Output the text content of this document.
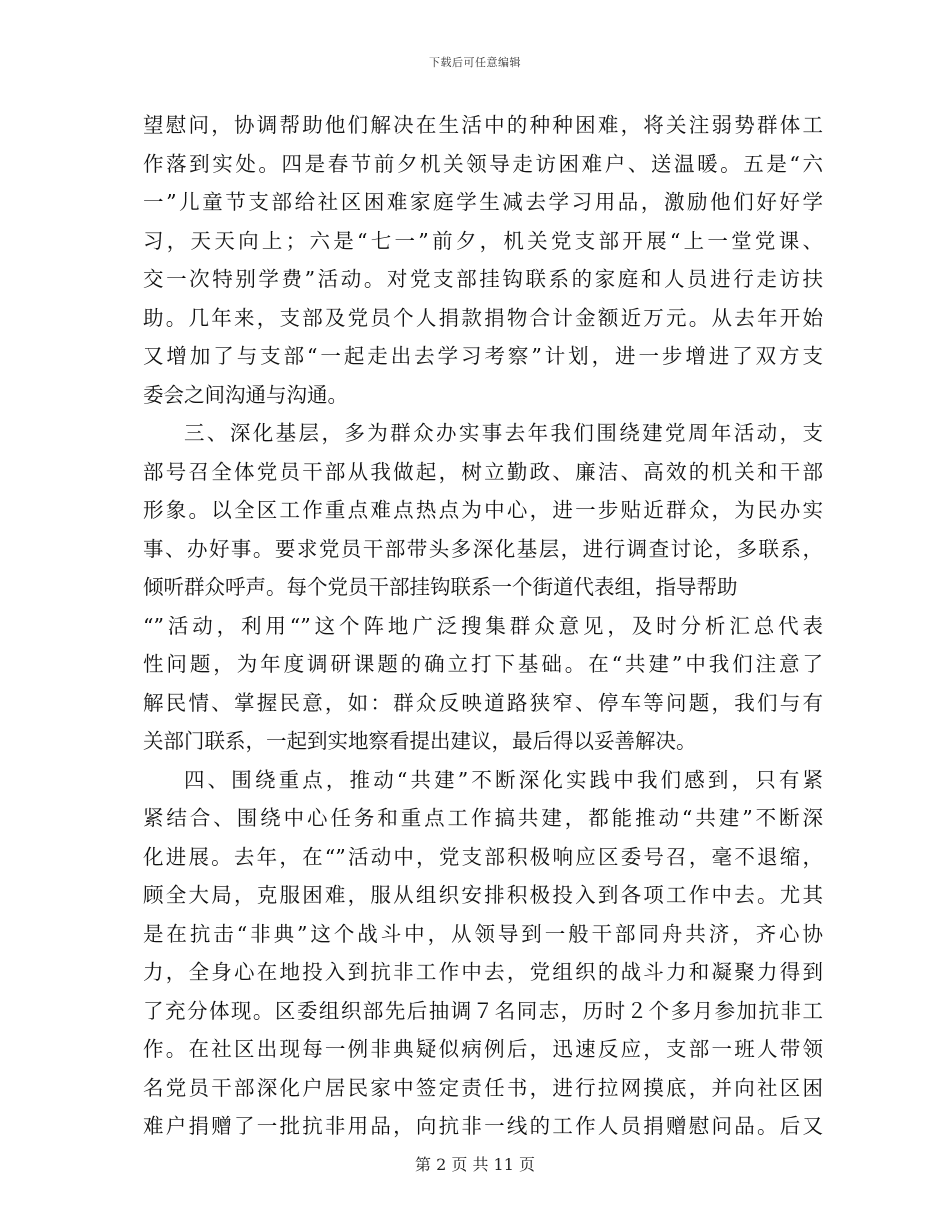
下载后可任意编辑
望慰问，协调帮助他们解决在生活中的种种困难，将关注弱势群体工
作落到实处。四是春节前夕机关领导走访困难户、送温暖。五是“六
一”儿童节支部给社区困难家庭学生减去学习用品，激励他们好好学
习，天天向上；六是“七一”前夕，机关党支部开展“上一堂党课、
交一次特别学费”活动。对党支部挂钩联系的家庭和人员进行走访扶
助。几年来，支部及党员个人捐款捐物合计金额近万元。从去年开始
又增加了与支部“一起走出去学习考察”计划，进一步增进了双方支
委会之间沟通与沟通。
三、深化基层，多为群众办实事去年我们围绕建党周年活动，支
部号召全体党员干部从我做起，树立勤政、廉洁、高效的机关和干部
形象。以全区工作重点难点热点为中心，进一步贴近群众，为民办实
事、办好事。要求党员干部带头多深化基层，进行调查讨论，多联系，
倾听群众呼声。每个党员干部挂钩联系一个街道代表组，指导帮助
“”活动，利用“”这个阵地广泛搜集群众意见，及时分析汇总代表
性问题，为年度调研课题的确立打下基础。在“共建”中我们注意了
解民情、掌握民意，如：群众反映道路狭窄、停车等问题，我们与有
关部门联系，一起到实地察看提出建议，最后得以妥善解决。
四、围绕重点，推动“共建”不断深化实践中我们感到，只有紧
紧结合、围绕中心任务和重点工作搞共建，都能推动“共建”不断深
化进展。去年，在“”活动中，党支部积极响应区委号召，毫不退缩，
顾全大局，克服困难，服从组织安排积极投入到各项工作中去。尤其
是在抗击“非典”这个战斗中，从领导到一般干部同舟共济，齐心协
力，全身心在地投入到抗非工作中去，党组织的战斗力和凝聚力得到
了充分体现。区委组织部先后抽调７名同志，历时２个多月参加抗非工
作。在社区出现每一例非典疑似病例后，迅速反应，支部一班人带领
名党员干部深化户居民家中签定责任书，进行拉网摸底，并向社区困
难户捐赠了一批抗非用品，向抗非一线的工作人员捐赠慰问品。后又
第 2 页 共 11 页
